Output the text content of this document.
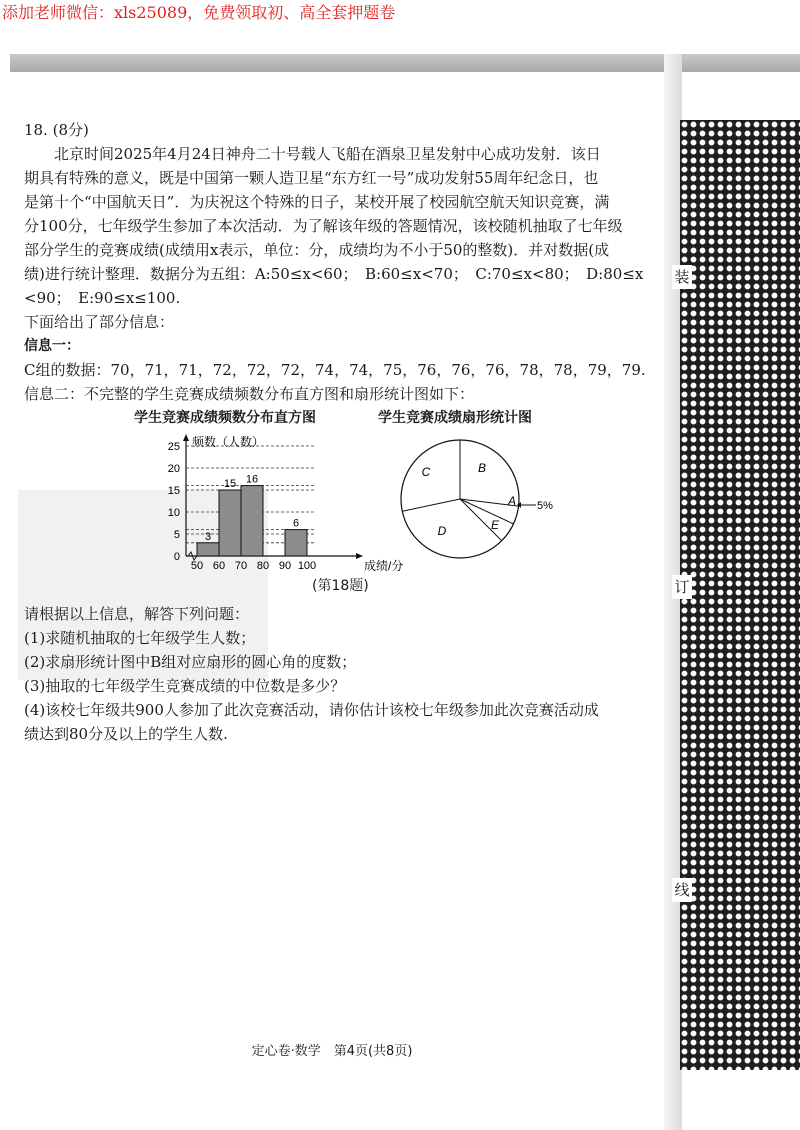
添加老师微信：xls25089，免费领取初、高全套押题卷
装
订
线

18. (8分)

北京时间2025年4月24日神舟二十号载人飞船在酒泉卫星发射中心成功发射．该日

期具有特殊的意义，既是中国第一颗人造卫星“东方红一号”成功发射55周年纪念日，也

是第十个“中国航天日”．为庆祝这个特殊的日子，某校开展了校园航空航天知识竞赛，满

分100分，七年级学生参加了本次活动．为了解该年级的答题情况，该校随机抽取了七年级

部分学生的竞赛成绩(成绩用x表示，单位：分，成绩均为不小于50的整数)．并对数据(成

绩)进行统计整理．数据分为五组：A:50≤x<60；　B:60≤x<70；　C:70≤x<80；　D:80≤x

<90；　E:90≤x≤100.

下面给出了部分信息：

信息一：

C组的数据：70，71，71，72，72，72，74，74，75，76，76，76，78，78，79，79.

信息二：不完整的学生竞赛成绩频数分布直方图和扇形统计图如下：

学生竞赛成绩频数分布直方图	学生竞赛成绩扇形统计图
0
5
10
15
20
25
50 60 70 80 90 100
3
15 16
6
频数（人数）
成绩/分
A
B
C
D	E
5%
(第18题)

请根据以上信息，解答下列问题：

(1)求随机抽取的七年级学生人数；

(2)求扇形统计图中B组对应扇形的圆心角的度数；

(3)抽取的七年级学生竞赛成绩的中位数是多少？

(4)该校七年级共900人参加了此次竞赛活动，请你估计该校七年级参加此次竞赛活动成

绩达到80分及以上的学生人数.

定心卷·数学　第4页(共8页)
